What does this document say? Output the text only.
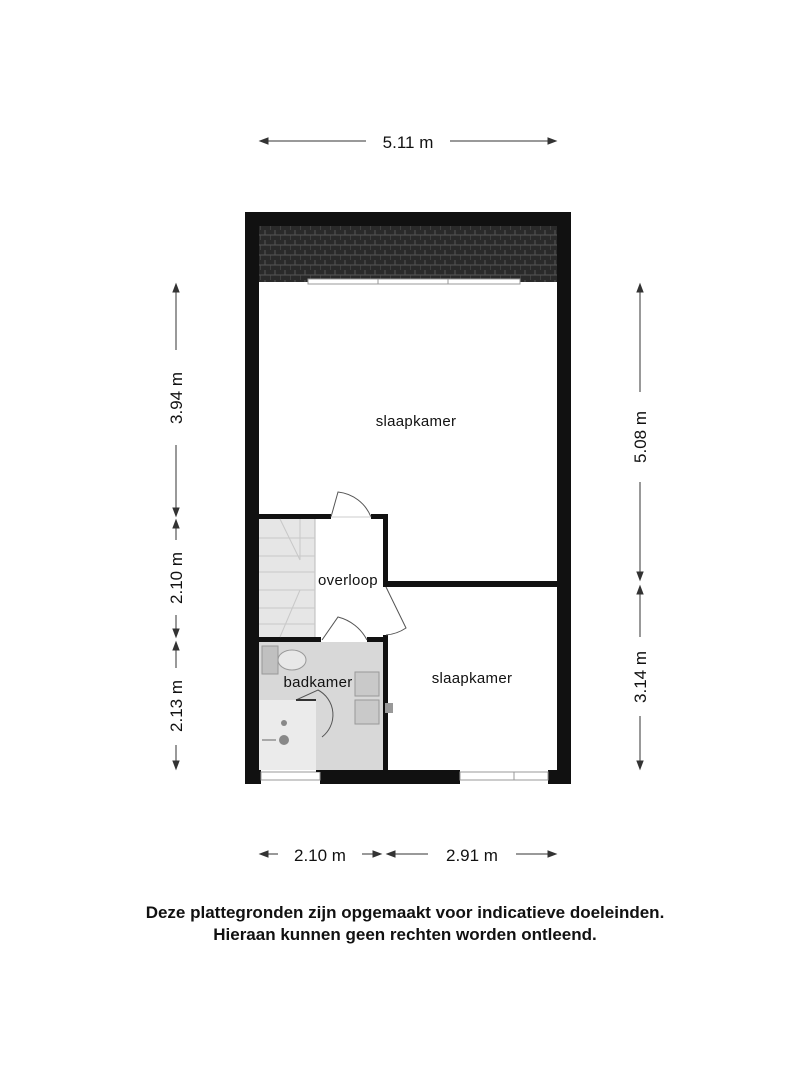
slaapkamer
overloop
slaapkamer
badkamer
5.11 m
3.94 m
2.10 m
2.13 m
5.08 m
3.14 m
2.10 m	2.91 m
Deze plattegronden zijn opgemaakt voor indicatieve doeleinden.
Hieraan kunnen geen rechten worden ontleend.
